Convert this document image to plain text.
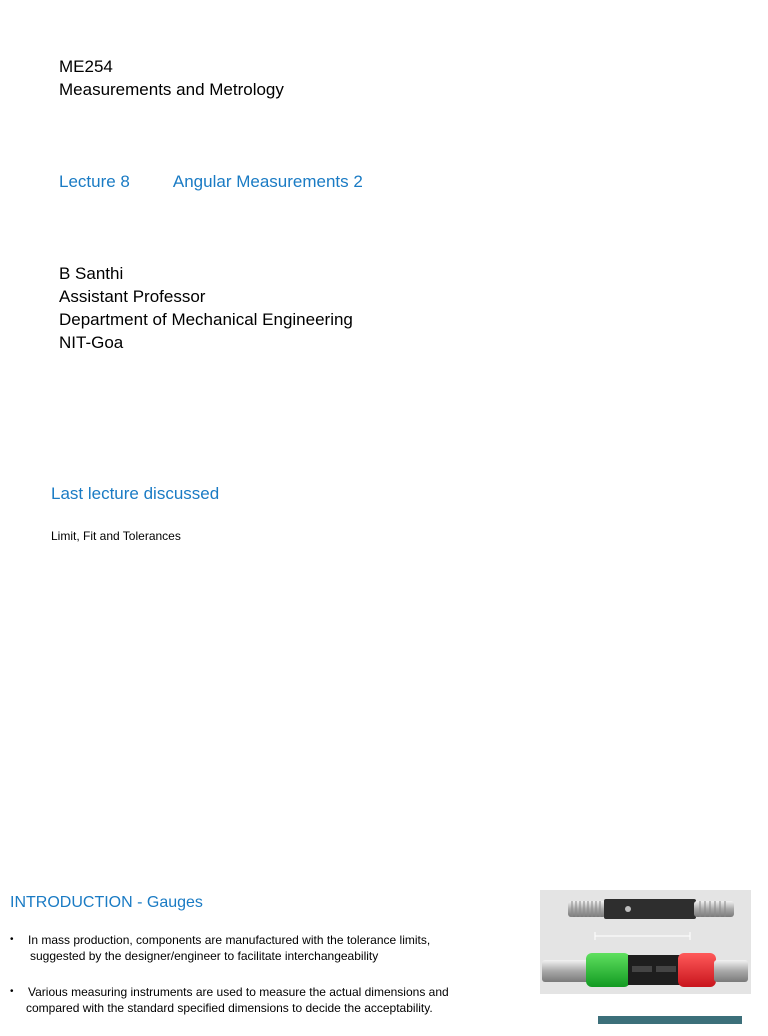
ME254
Measurements and Metrology
Lecture 8	Angular Measurements 2
B Santhi
Assistant Professor
Department of Mechanical Engineering
NIT-Goa
Last lecture discussed
Limit, Fit and Tolerances
INTRODUCTION - Gauges
• In mass production, components are manufactured with the tolerance limits,
suggested by the designer/engineer to facilitate interchangeability
• Various measuring instruments are used to measure the actual dimensions and
compared with the standard specified dimensions to decide the acceptability.
